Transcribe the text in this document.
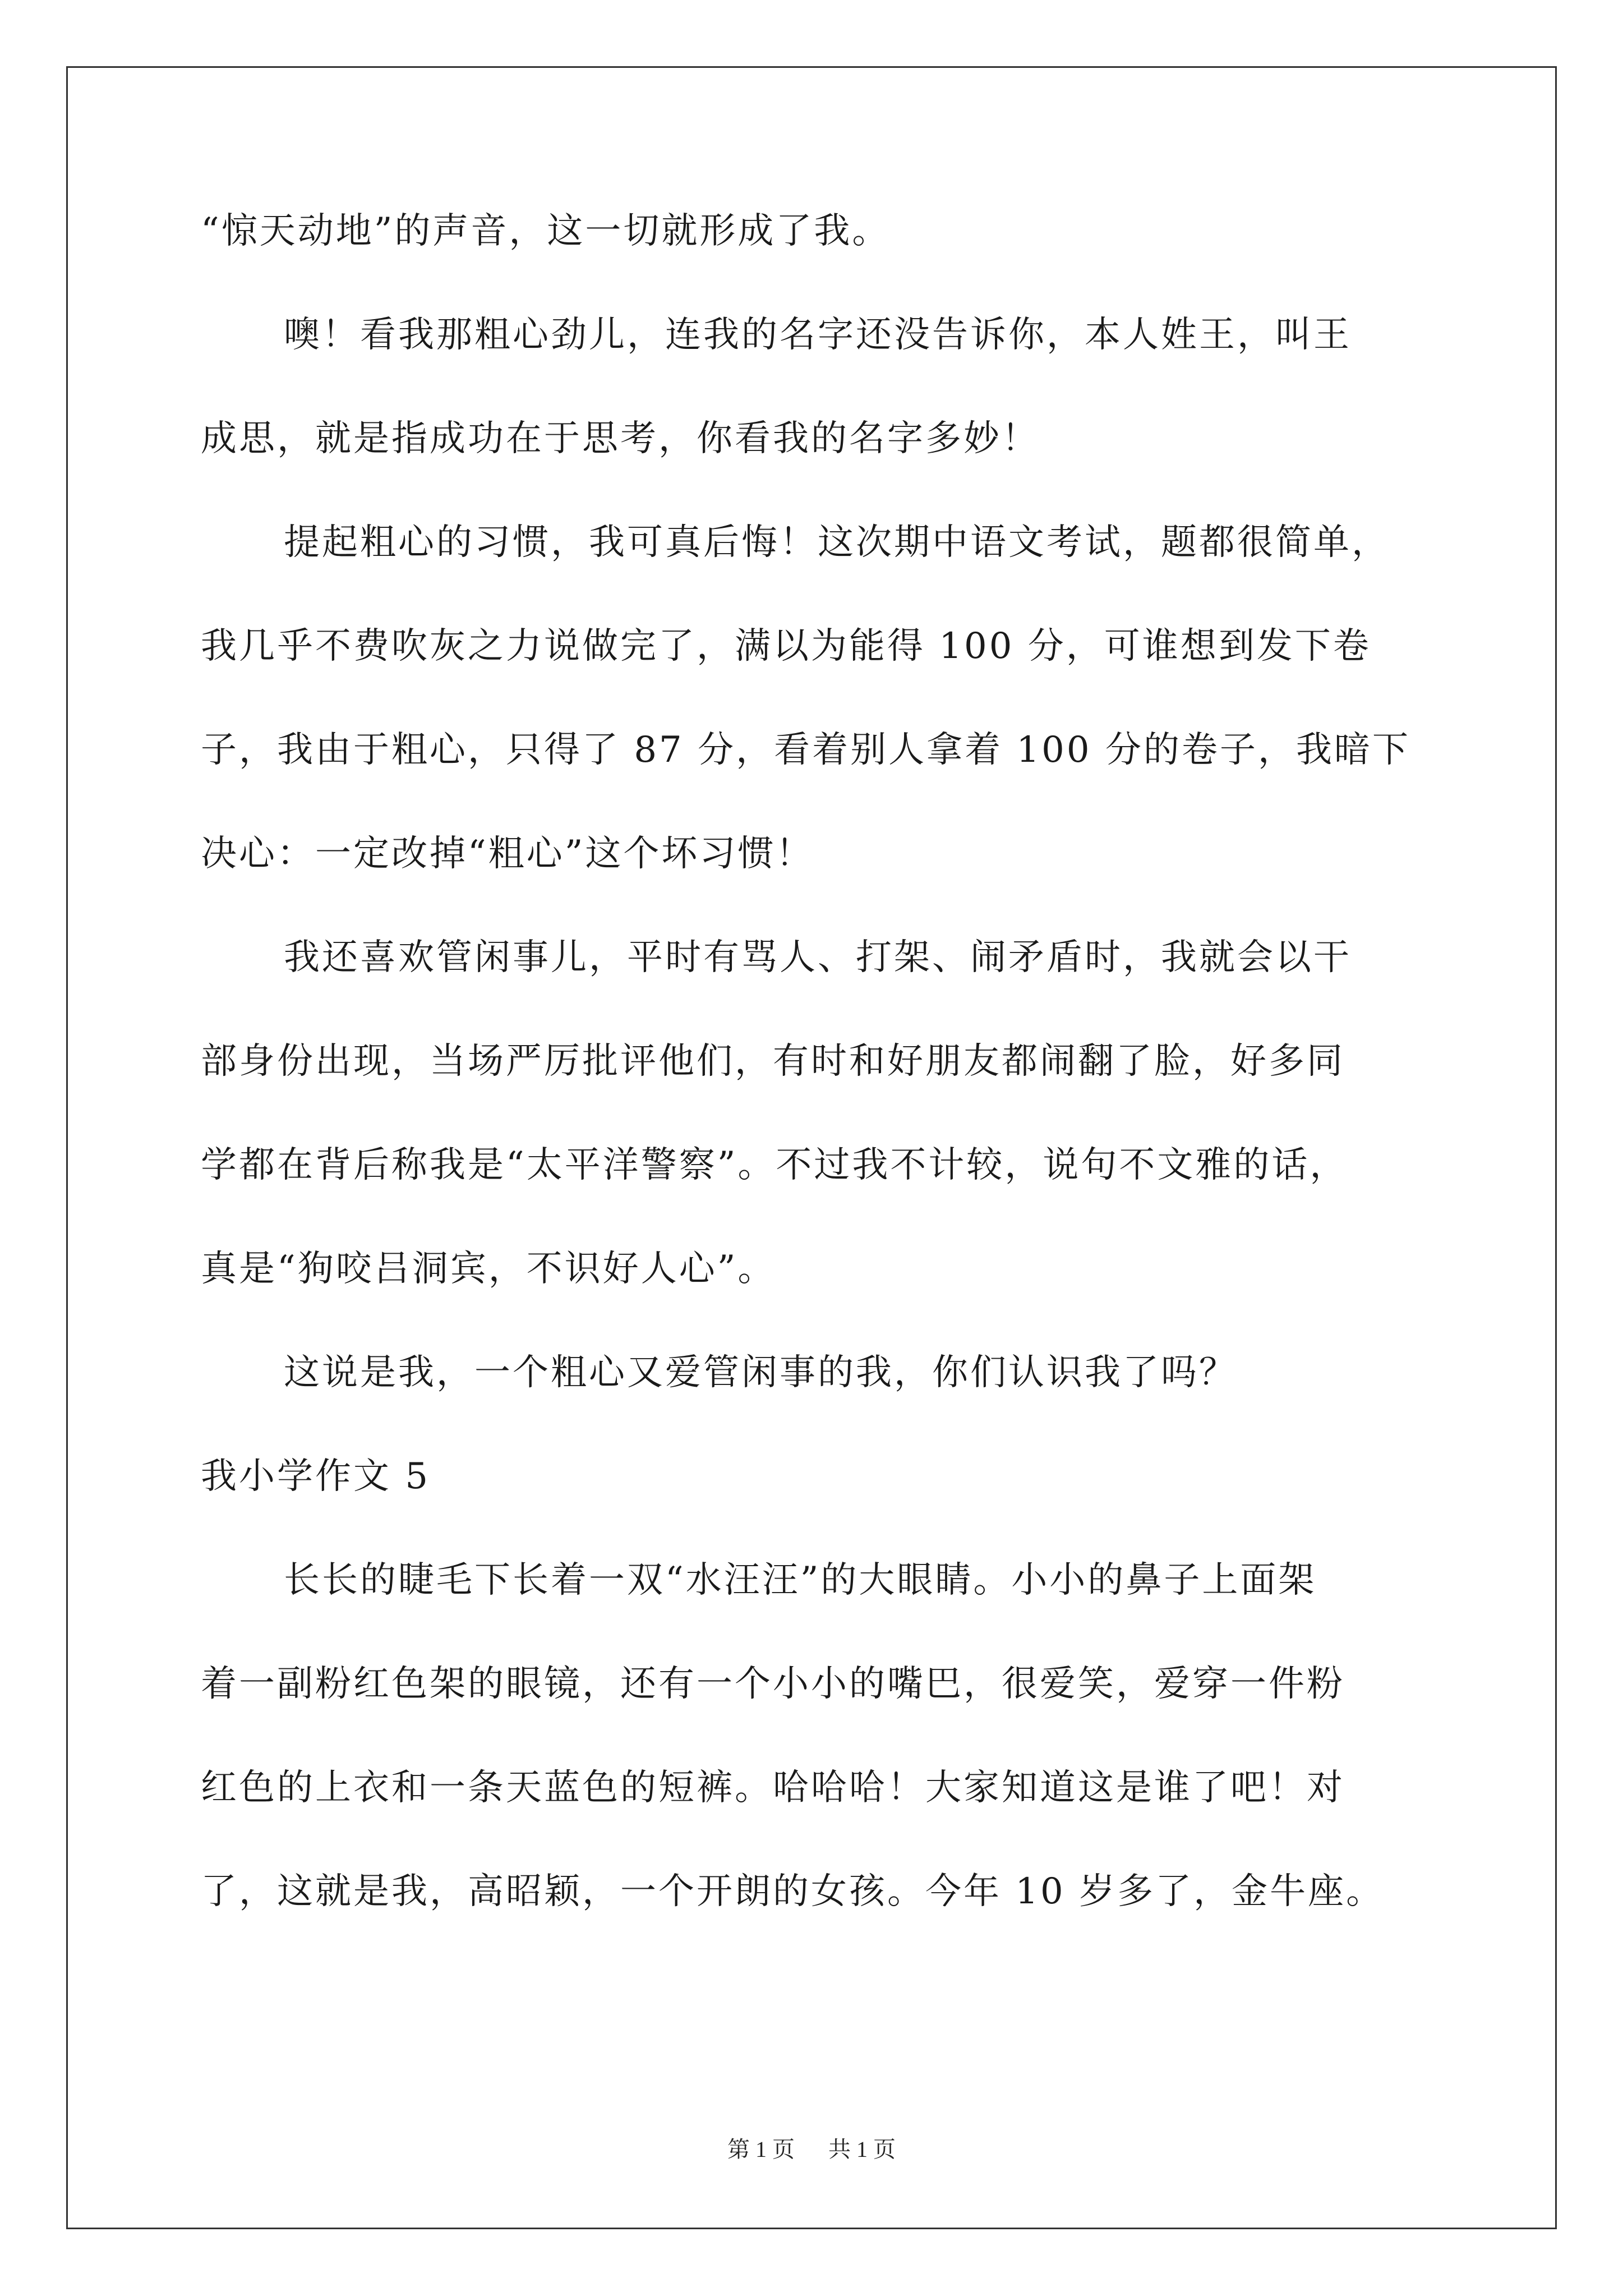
“惊天动地”的声音，这一切就形成了我。
噢！看我那粗心劲儿，连我的名字还没告诉你，本人姓王，叫王
成思，就是指成功在于思考，你看我的名字多妙！
提起粗心的习惯，我可真后悔！这次期中语文考试，题都很简单，
我几乎不费吹灰之力说做完了，满以为能得 100 分，可谁想到发下卷
子，我由于粗心，只得了 87 分，看着别人拿着 100 分的卷子，我暗下
决心：一定改掉“粗心”这个坏习惯！
我还喜欢管闲事儿，平时有骂人、打架、闹矛盾时，我就会以干
部身份出现，当场严厉批评他们，有时和好朋友都闹翻了脸，好多同
学都在背后称我是“太平洋警察”。不过我不计较，说句不文雅的话，
真是“狗咬吕洞宾，不识好人心”。
这说是我，一个粗心又爱管闲事的我，你们认识我了吗？
我小学作文 5
长长的睫毛下长着一双“水汪汪”的大眼睛。小小的鼻子上面架
着一副粉红色架的眼镜，还有一个小小的嘴巴，很爱笑，爱穿一件粉
红色的上衣和一条天蓝色的短裤。哈哈哈！大家知道这是谁了吧！对
了，这就是我，高昭颖，一个开朗的女孩。今年 10 岁多了，金牛座。
第 1 页 共 1 页
